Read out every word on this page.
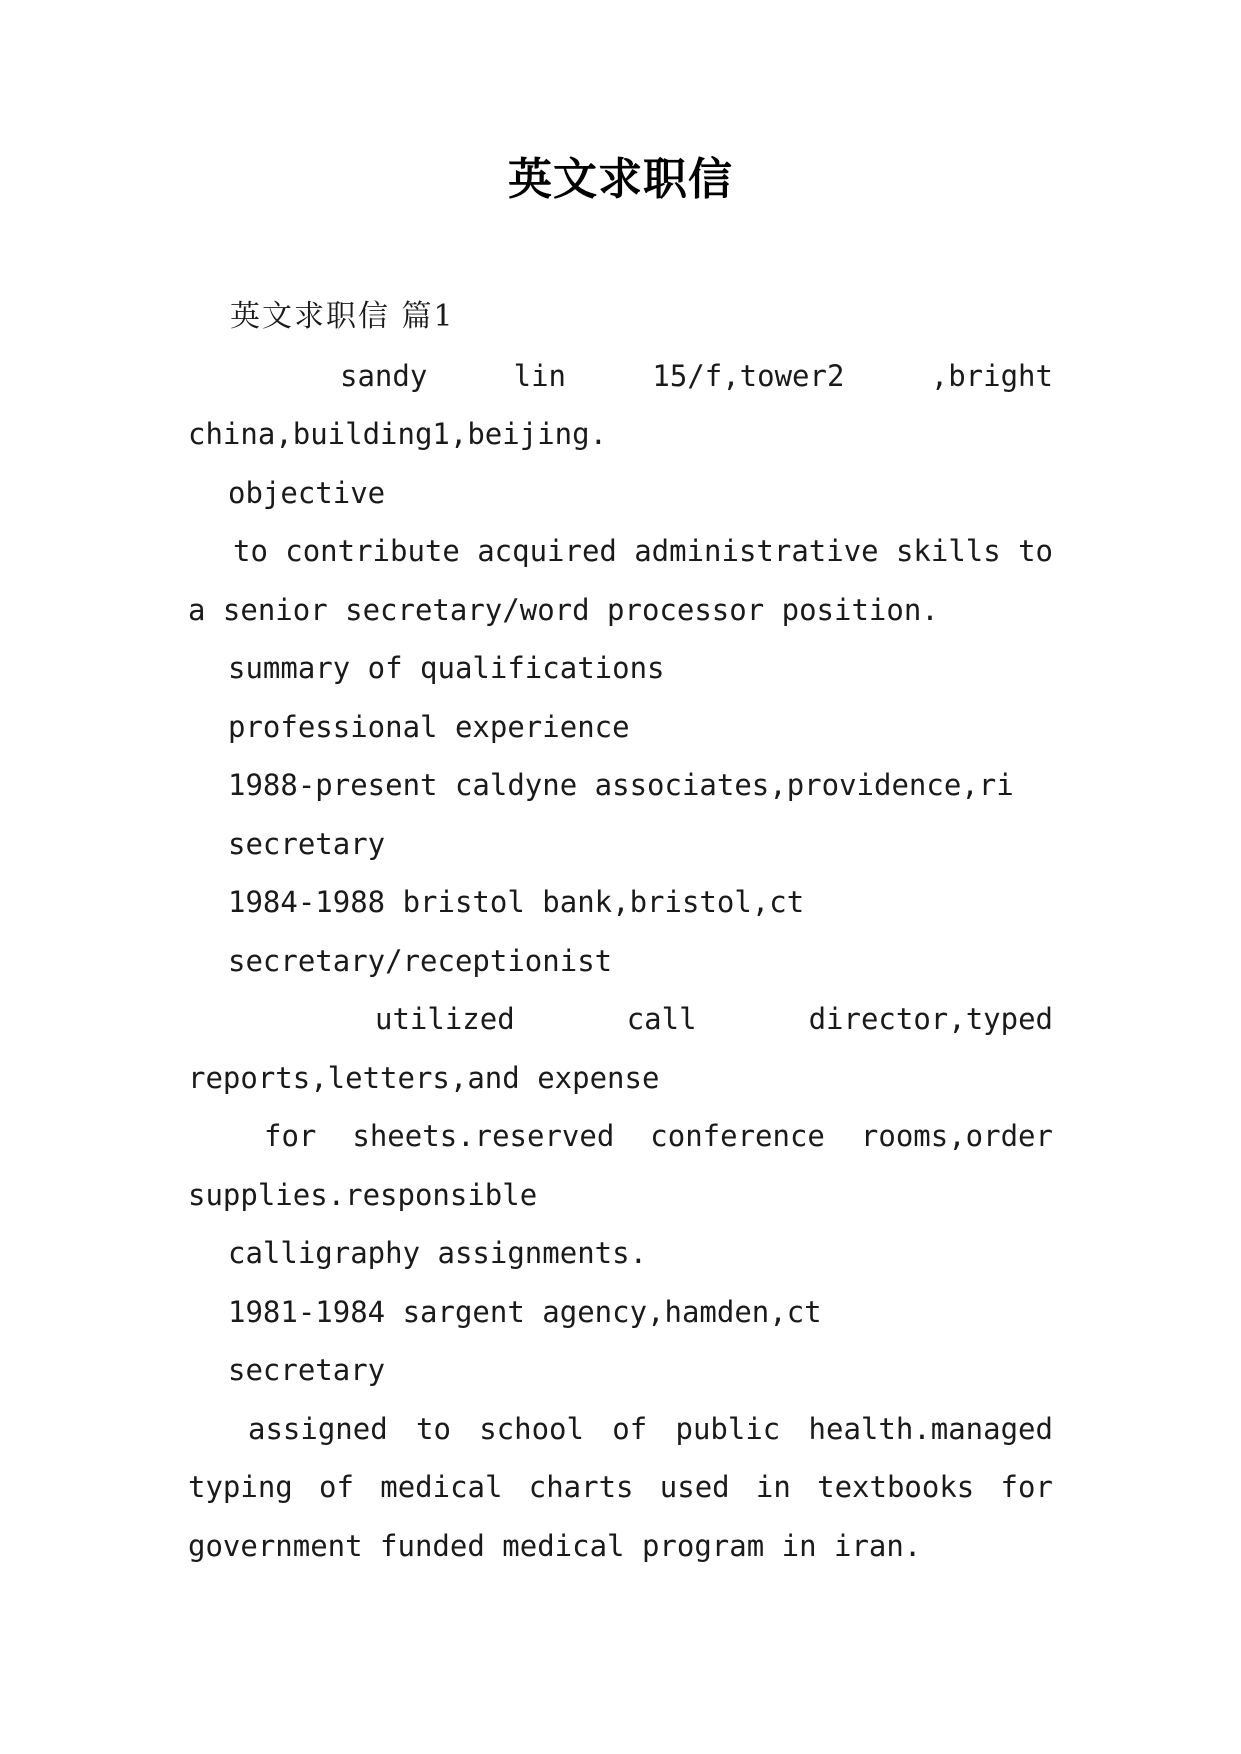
英文求职信
英文求职信 篇1
sandy	lin	15/f,tower2	,bright
china,building1,beijing.
objective
to contribute acquired administrative skills to
a senior secretary/word processor position.
summary of qualifications
professional experience
1988-present caldyne associates,providence,ri
secretary
1984-1988 bristol bank,bristol,ct
secretary/receptionist
utilized	call	director,typed
reports,letters,and expense
for sheets.reserved conference rooms,order
supplies.responsible
calligraphy assignments.
1981-1984 sargent agency,hamden,ct
secretary
assigned to school of public health.managed
typing of medical charts used in textbooks for
government funded medical program in iran.
